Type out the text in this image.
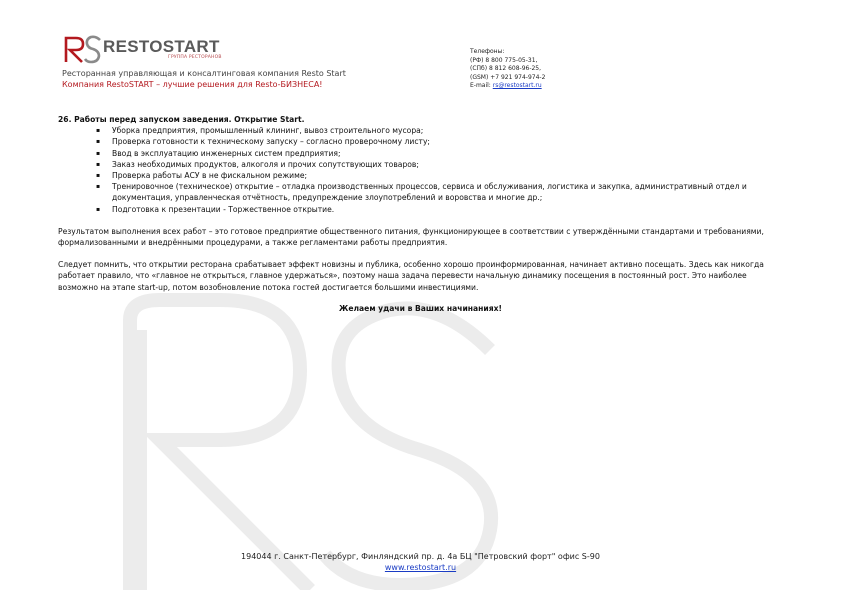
RESTOSTART
ГРУППА РЕСТОРАНОВ
Ресторанная управляющая и консалтинговая компания Resto Start
Компания RestoSTART – лучшие решения для Resto-БИЗНЕСА!
Телефоны:
(РФ) 8 800 775-05-31,
(СПб) 8 812 608-96-25,
(GSM) +7 921 974-974-2
E-mail: rs@restostart.ru
26. Работы перед запуском заведения. Открытие Start.
▪ Уборка предприятия, промышленный клининг, вывоз строительного мусора;
▪ Проверка готовности к техническому запуску – согласно проверочному листу;
▪ Ввод в эксплуатацию инженерных систем предприятия;
▪ Заказ необходимых продуктов, алкоголя и прочих сопутствующих товаров;
▪ Проверка работы АСУ в не фискальном режиме;
▪ Тренировочное (техническое) открытие – отладка производственных процессов, сервиса и обслуживания, логистика и закупка, административный отдел и документация, управленческая отчётность, предупреждение злоупотреблений и воровства и многие др.;
▪ Подготовка к презентации - Торжественное открытие.
Результатом выполнения всех работ – это готовое предприятие общественного питания, функционирующее в соответствии с утверждёнными стандартами и требованиями, формализованными и внедрёнными процедурами, а также регламентами работы предприятия.
Следует помнить, что открытии ресторана срабатывает эффект новизны и публика, особенно хорошо проинформированная, начинает активно посещать. Здесь как никогда работает правило, что «главное не открыться, главное удержаться», поэтому наша задача перевести начальную динамику посещения в постоянный рост. Это наиболее возможно на этапе start-up, потом возобновление потока гостей достигается большими инвестициями.
Желаем удачи в Ваших начинаниях!
194044 г. Санкт-Петербург, Финляндский пр. д. 4а БЦ "Петровский форт" офис S-90
www.restostart.ru
